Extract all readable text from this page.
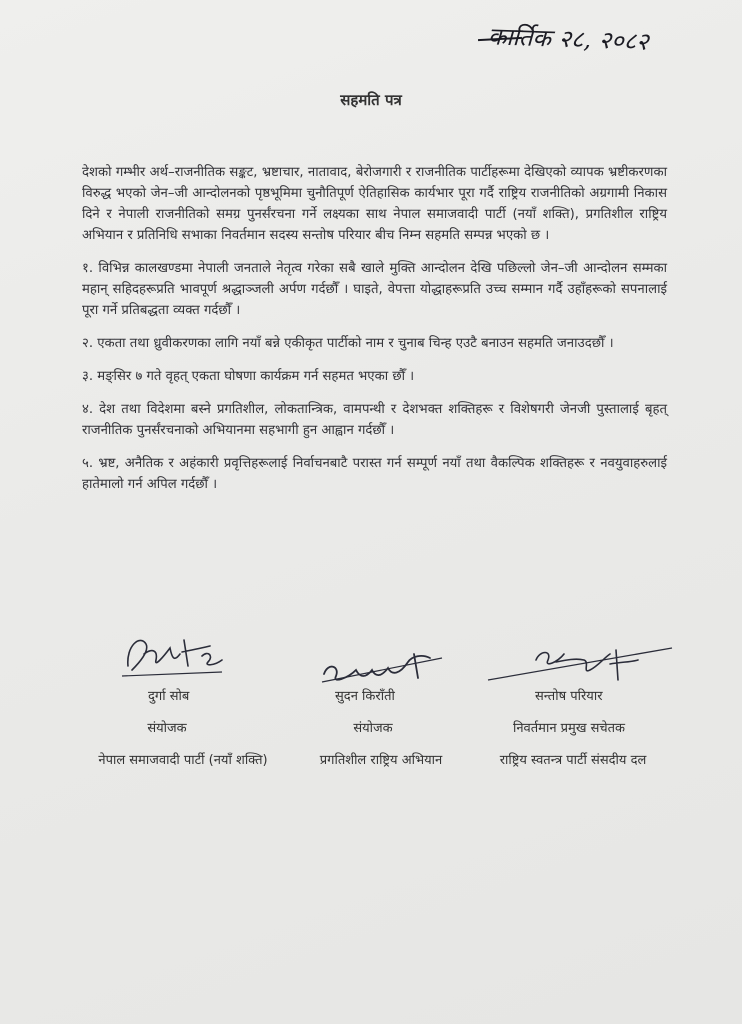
कार्तिक २८, २०८२
सहमति पत्र

देशको गम्भीर अर्थ–राजनीतिक सङ्कट, भ्रष्टाचार, नातावाद, बेरोजगारी र राजनीतिक पार्टीहरूमा देखिएको व्यापक भ्रष्टीकरणका विरुद्ध भएको जेन–जी आन्दोलनको पृष्ठभूमिमा चुनौतिपूर्ण ऐतिहासिक कार्यभार पूरा गर्दै राष्ट्रिय राजनीतिको अग्रगामी निकास दिने र नेपाली राजनीतिको समग्र पुनर्संरचना गर्ने लक्ष्यका साथ नेपाल समाजवादी पार्टी (नयाँ शक्ति), प्रगतिशील राष्ट्रिय अभियान र प्रतिनिधि सभाका निवर्तमान सदस्य सन्तोष परियार बीच निम्न सहमति सम्पन्न भएको छ ।

१. विभिन्न कालखण्डमा नेपाली जनताले नेतृत्व गरेका सबै खाले मुक्ति आन्दोलन देखि पछिल्लो जेन–जी आन्दोलन सम्मका महान् सहिदहरूप्रति भावपूर्ण श्रद्धाञ्जली अर्पण गर्दछौँ । घाइते, वेपत्ता योद्धाहरूप्रति उच्च सम्मान गर्दै उहाँहरूको सपनालाई पूरा गर्ने प्रतिबद्धता व्यक्त गर्दछौँ ।

२. एकता तथा ध्रुवीकरणका लागि नयाँ बन्ने एकीकृत पार्टीको नाम र चुनाब चिन्ह एउटै बनाउन सहमति जनाउदछौँ ।

३. मङ्सिर ७ गते वृहत् एकता घोषणा कार्यक्रम गर्न सहमत भएका छौँ ।

४. देश तथा विदेशमा बस्ने प्रगतिशील, लोकतान्त्रिक, वामपन्थी र देशभक्त शक्तिहरू र विशेषगरी जेनजी पुस्तालाई बृहत् राजनीतिक पुनर्संरचनाको अभियानमा सहभागी हुन आह्वान गर्दछौँ ।

५. भ्रष्ट, अनैतिक र अहंकारी प्रवृत्तिहरूलाई निर्वाचनबाटै परास्त गर्न सम्पूर्ण नयाँ तथा वैकल्पिक शक्तिहरू र नवयुवाहरुलाई हातेमालो गर्न अपिल गर्दछौँ ।

दुर्गा सोब
संयोजक
नेपाल समाजवादी पार्टी (नयाँ शक्ति)
सुदन किराँती
संयोजक
प्रगतिशील राष्ट्रिय अभियान
सन्तोष परियार
निवर्तमान प्रमुख सचेतक
राष्ट्रिय स्वतन्त्र पार्टी संसदीय दल
